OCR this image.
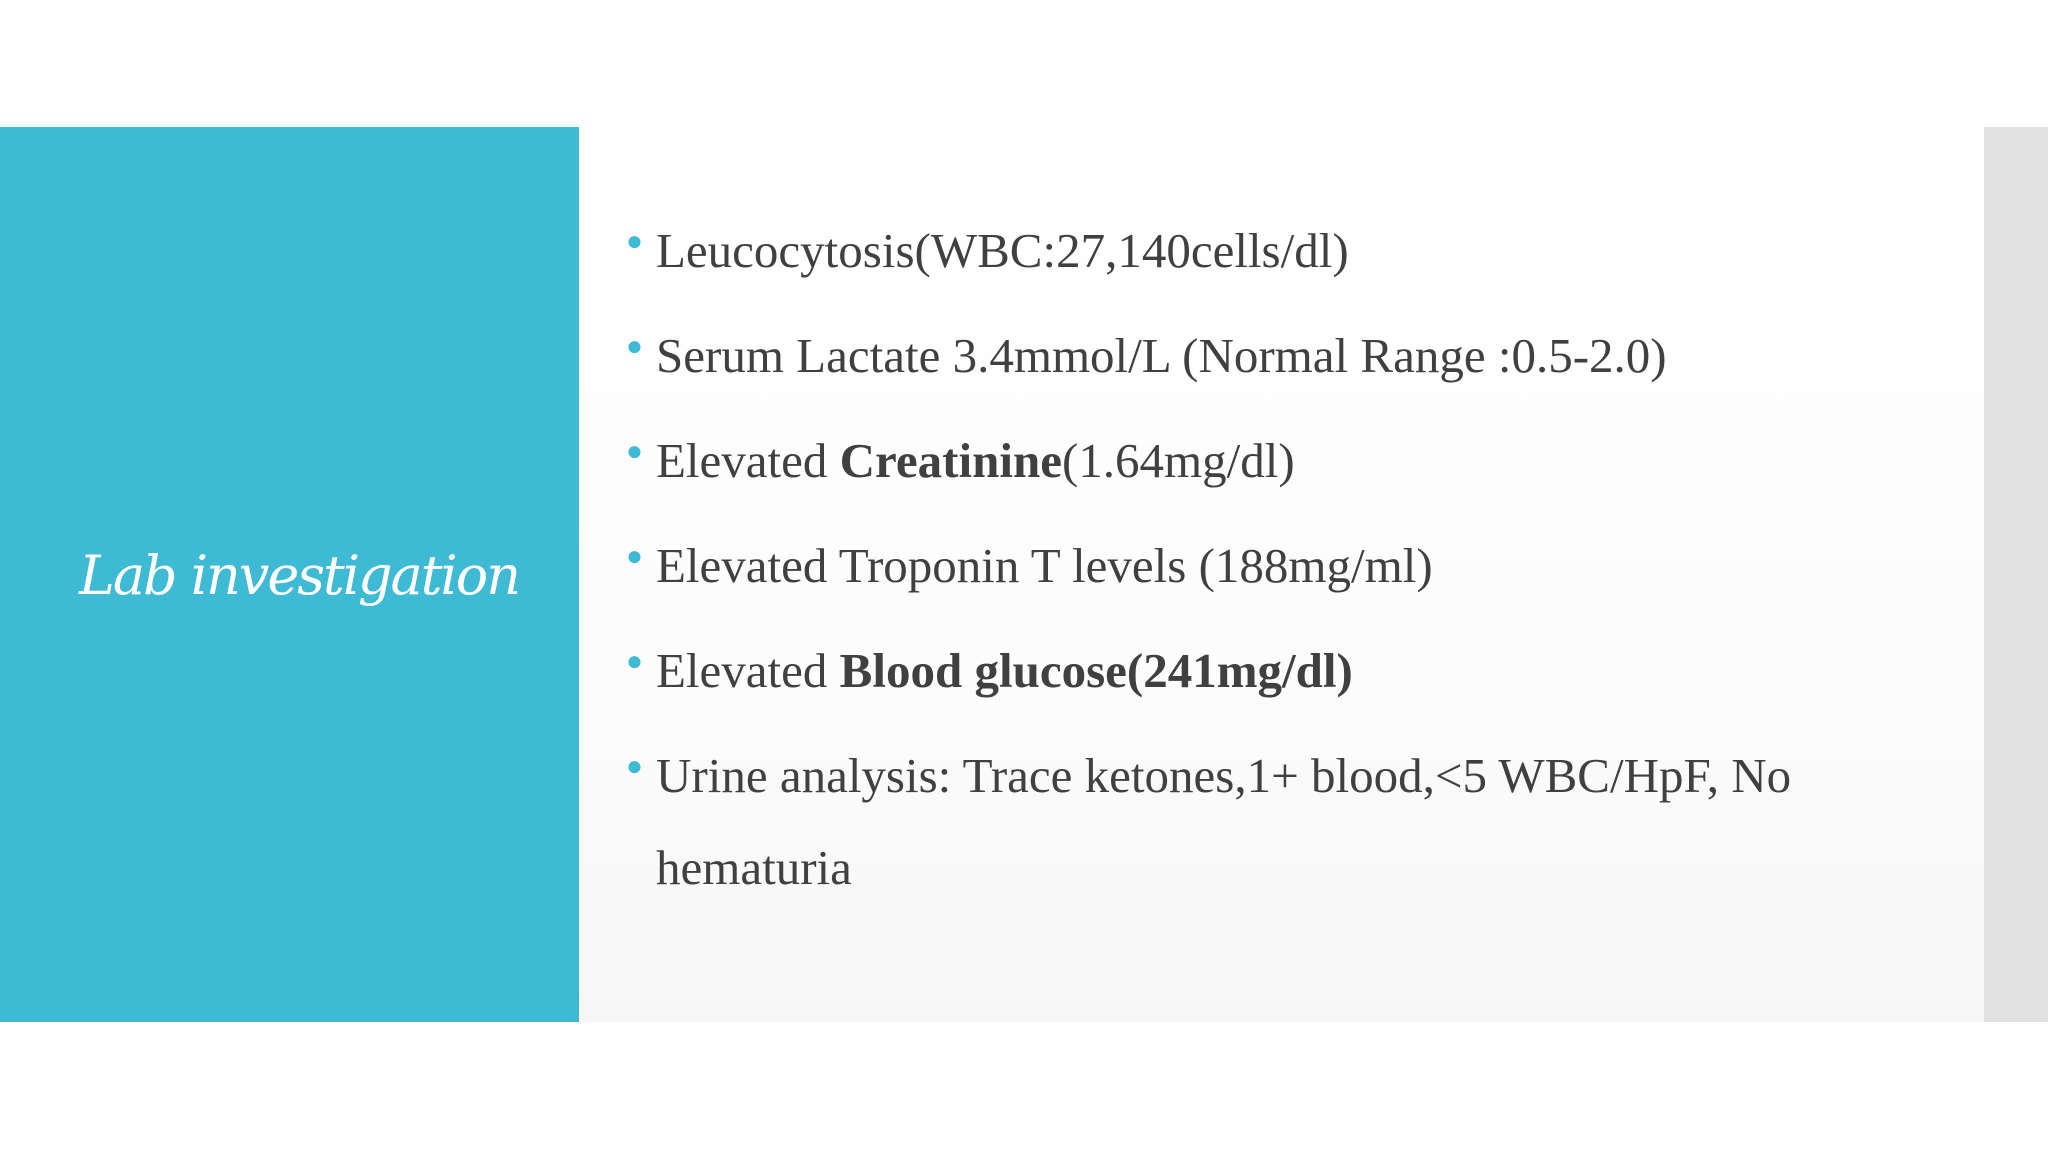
Lab investigation
● Leucocytosis(WBC:27,140cells/dl)
● Serum Lactate 3.4mmol/L (Normal Range :0.5-2.0)
● Elevated Creatinine(1.64mg/dl)
● Elevated Troponin T levels (188mg/ml)
● Elevated Blood glucose(241mg/dl)
● Urine analysis: Trace ketones,1+ blood,<5 WBC/HpF, No hematuria
